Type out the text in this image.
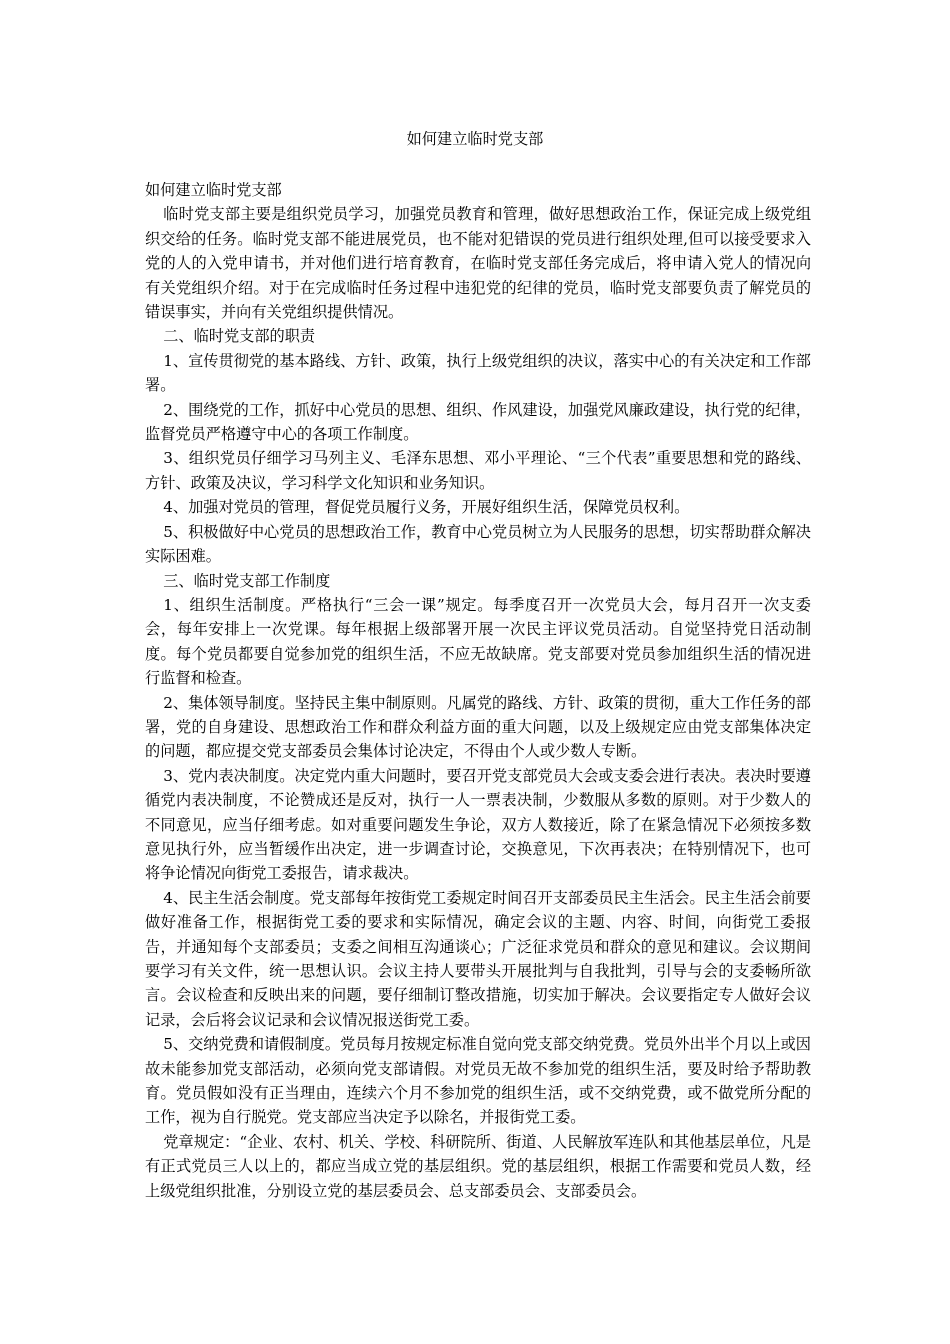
如何建立临时党支部

如何建立临时党支部

临时党支部主要是组织党员学习，加强党员教育和管理，做好思想政治工作，保证完成上级党组织交给的任务。临时党支部不能进展党员，也不能对犯错误的党员进行组织处理,但可以接受要求入党的人的入党申请书，并对他们进行培育教育，在临时党支部任务完成后，将申请入党人的情况向有关党组织介绍。对于在完成临时任务过程中违犯党的纪律的党员，临时党支部要负责了解党员的错误事实，并向有关党组织提供情况。

二、临时党支部的职责

1、宣传贯彻党的基本路线、方针、政策，执行上级党组织的决议，落实中心的有关决定和工作部署。

2、围绕党的工作，抓好中心党员的思想、组织、作风建设，加强党风廉政建设，执行党的纪律，监督党员严格遵守中心的各项工作制度。

3、组织党员仔细学习马列主义、毛泽东思想、邓小平理论、“三个代表”重要思想和党的路线、方针、政策及决议，学习科学文化知识和业务知识。

4、加强对党员的管理，督促党员履行义务，开展好组织生活，保障党员权利。

5、积极做好中心党员的思想政治工作，教育中心党员树立为人民服务的思想，切实帮助群众解决实际困难。

三、临时党支部工作制度

1、组织生活制度。严格执行“三会一课”规定。每季度召开一次党员大会，每月召开一次支委会，每年安排上一次党课。每年根据上级部署开展一次民主评议党员活动。自觉坚持党日活动制度。每个党员都要自觉参加党的组织生活，不应无故缺席。党支部要对党员参加组织生活的情况进行监督和检查。

2、集体领导制度。坚持民主集中制原则。凡属党的路线、方针、政策的贯彻，重大工作任务的部署，党的自身建设、思想政治工作和群众利益方面的重大问题，以及上级规定应由党支部集体决定的问题，都应提交党支部委员会集体讨论决定，不得由个人或少数人专断。

3、党内表决制度。决定党内重大问题时，要召开党支部党员大会或支委会进行表决。表决时要遵循党内表决制度，不论赞成还是反对，执行一人一票表决制，少数服从多数的原则。对于少数人的不同意见，应当仔细考虑。如对重要问题发生争论，双方人数接近，除了在紧急情况下必须按多数意见执行外，应当暂缓作出决定，进一步调查讨论，交换意见，下次再表决；在特别情况下，也可将争论情况向街党工委报告，请求裁决。

4、民主生活会制度。党支部每年按街党工委规定时间召开支部委员民主生活会。民主生活会前要做好准备工作，根据街党工委的要求和实际情况，确定会议的主题、内容、时间，向街党工委报告，并通知每个支部委员；支委之间相互沟通谈心；广泛征求党员和群众的意见和建议。会议期间要学习有关文件，统一思想认识。会议主持人要带头开展批判与自我批判，引导与会的支委畅所欲言。会议检查和反映出来的问题，要仔细制订整改措施，切实加于解决。会议要指定专人做好会议记录，会后将会议记录和会议情况报送街党工委。

5、交纳党费和请假制度。党员每月按规定标准自觉向党支部交纳党费。党员外出半个月以上或因故未能参加党支部活动，必须向党支部请假。对党员无故不参加党的组织生活，要及时给予帮助教育。党员假如没有正当理由，连续六个月不参加党的组织生活，或不交纳党费，或不做党所分配的工作，视为自行脱党。党支部应当决定予以除名，并报街党工委。

党章规定：“企业、农村、机关、学校、科研院所、街道、人民解放军连队和其他基层单位，凡是有正式党员三人以上的，都应当成立党的基层组织。党的基层组织，根据工作需要和党员人数，经上级党组织批准，分别设立党的基层委员会、总支部委员会、支部委员会。
